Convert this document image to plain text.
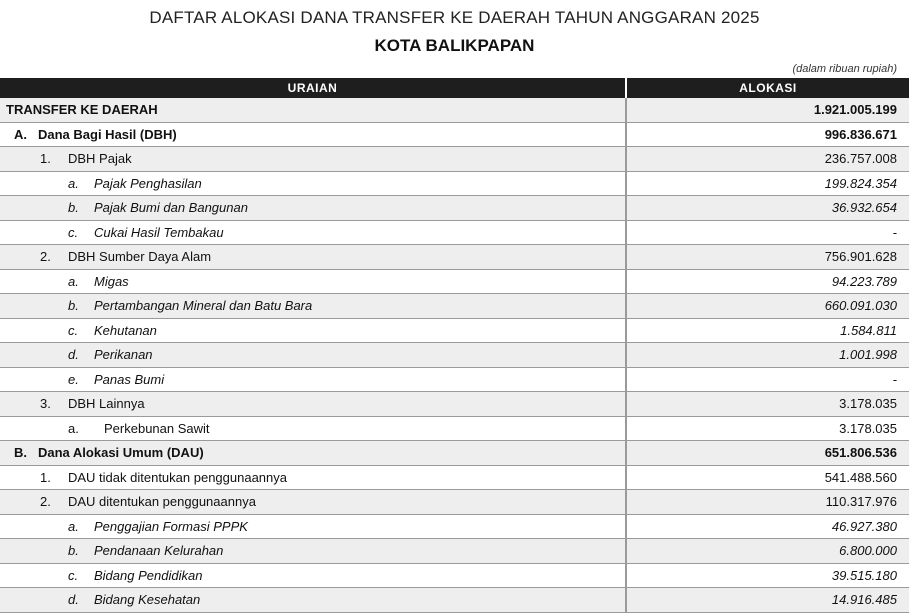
DAFTAR ALOKASI DANA TRANSFER KE DAERAH TAHUN ANGGARAN 2025
KOTA BALIKPAPAN
(dalam ribuan rupiah)
URAIAN	ALOKASI
TRANSFER KE DAERAH	1.921.005.199
A. Dana Bagi Hasil (DBH)	996.836.671
1. DBH Pajak	236.757.008
a. Pajak Penghasilan	199.824.354
b. Pajak Bumi dan Bangunan	36.932.654
c. Cukai Hasil Tembakau	-
2. DBH Sumber Daya Alam	756.901.628
a. Migas	94.223.789
b. Pertambangan Mineral dan Batu Bara	660.091.030
c. Kehutanan	1.584.811
d. Perikanan	1.001.998
e. Panas Bumi	-
3. DBH Lainnya	3.178.035
a. Perkebunan Sawit	3.178.035
B. Dana Alokasi Umum (DAU)	651.806.536
1. DAU tidak ditentukan penggunaannya	541.488.560
2. DAU ditentukan penggunaannya	110.317.976
a. Penggajian Formasi PPPK	46.927.380
b. Pendanaan Kelurahan	6.800.000
c. Bidang Pendidikan	39.515.180
d. Bidang Kesehatan	14.916.485
